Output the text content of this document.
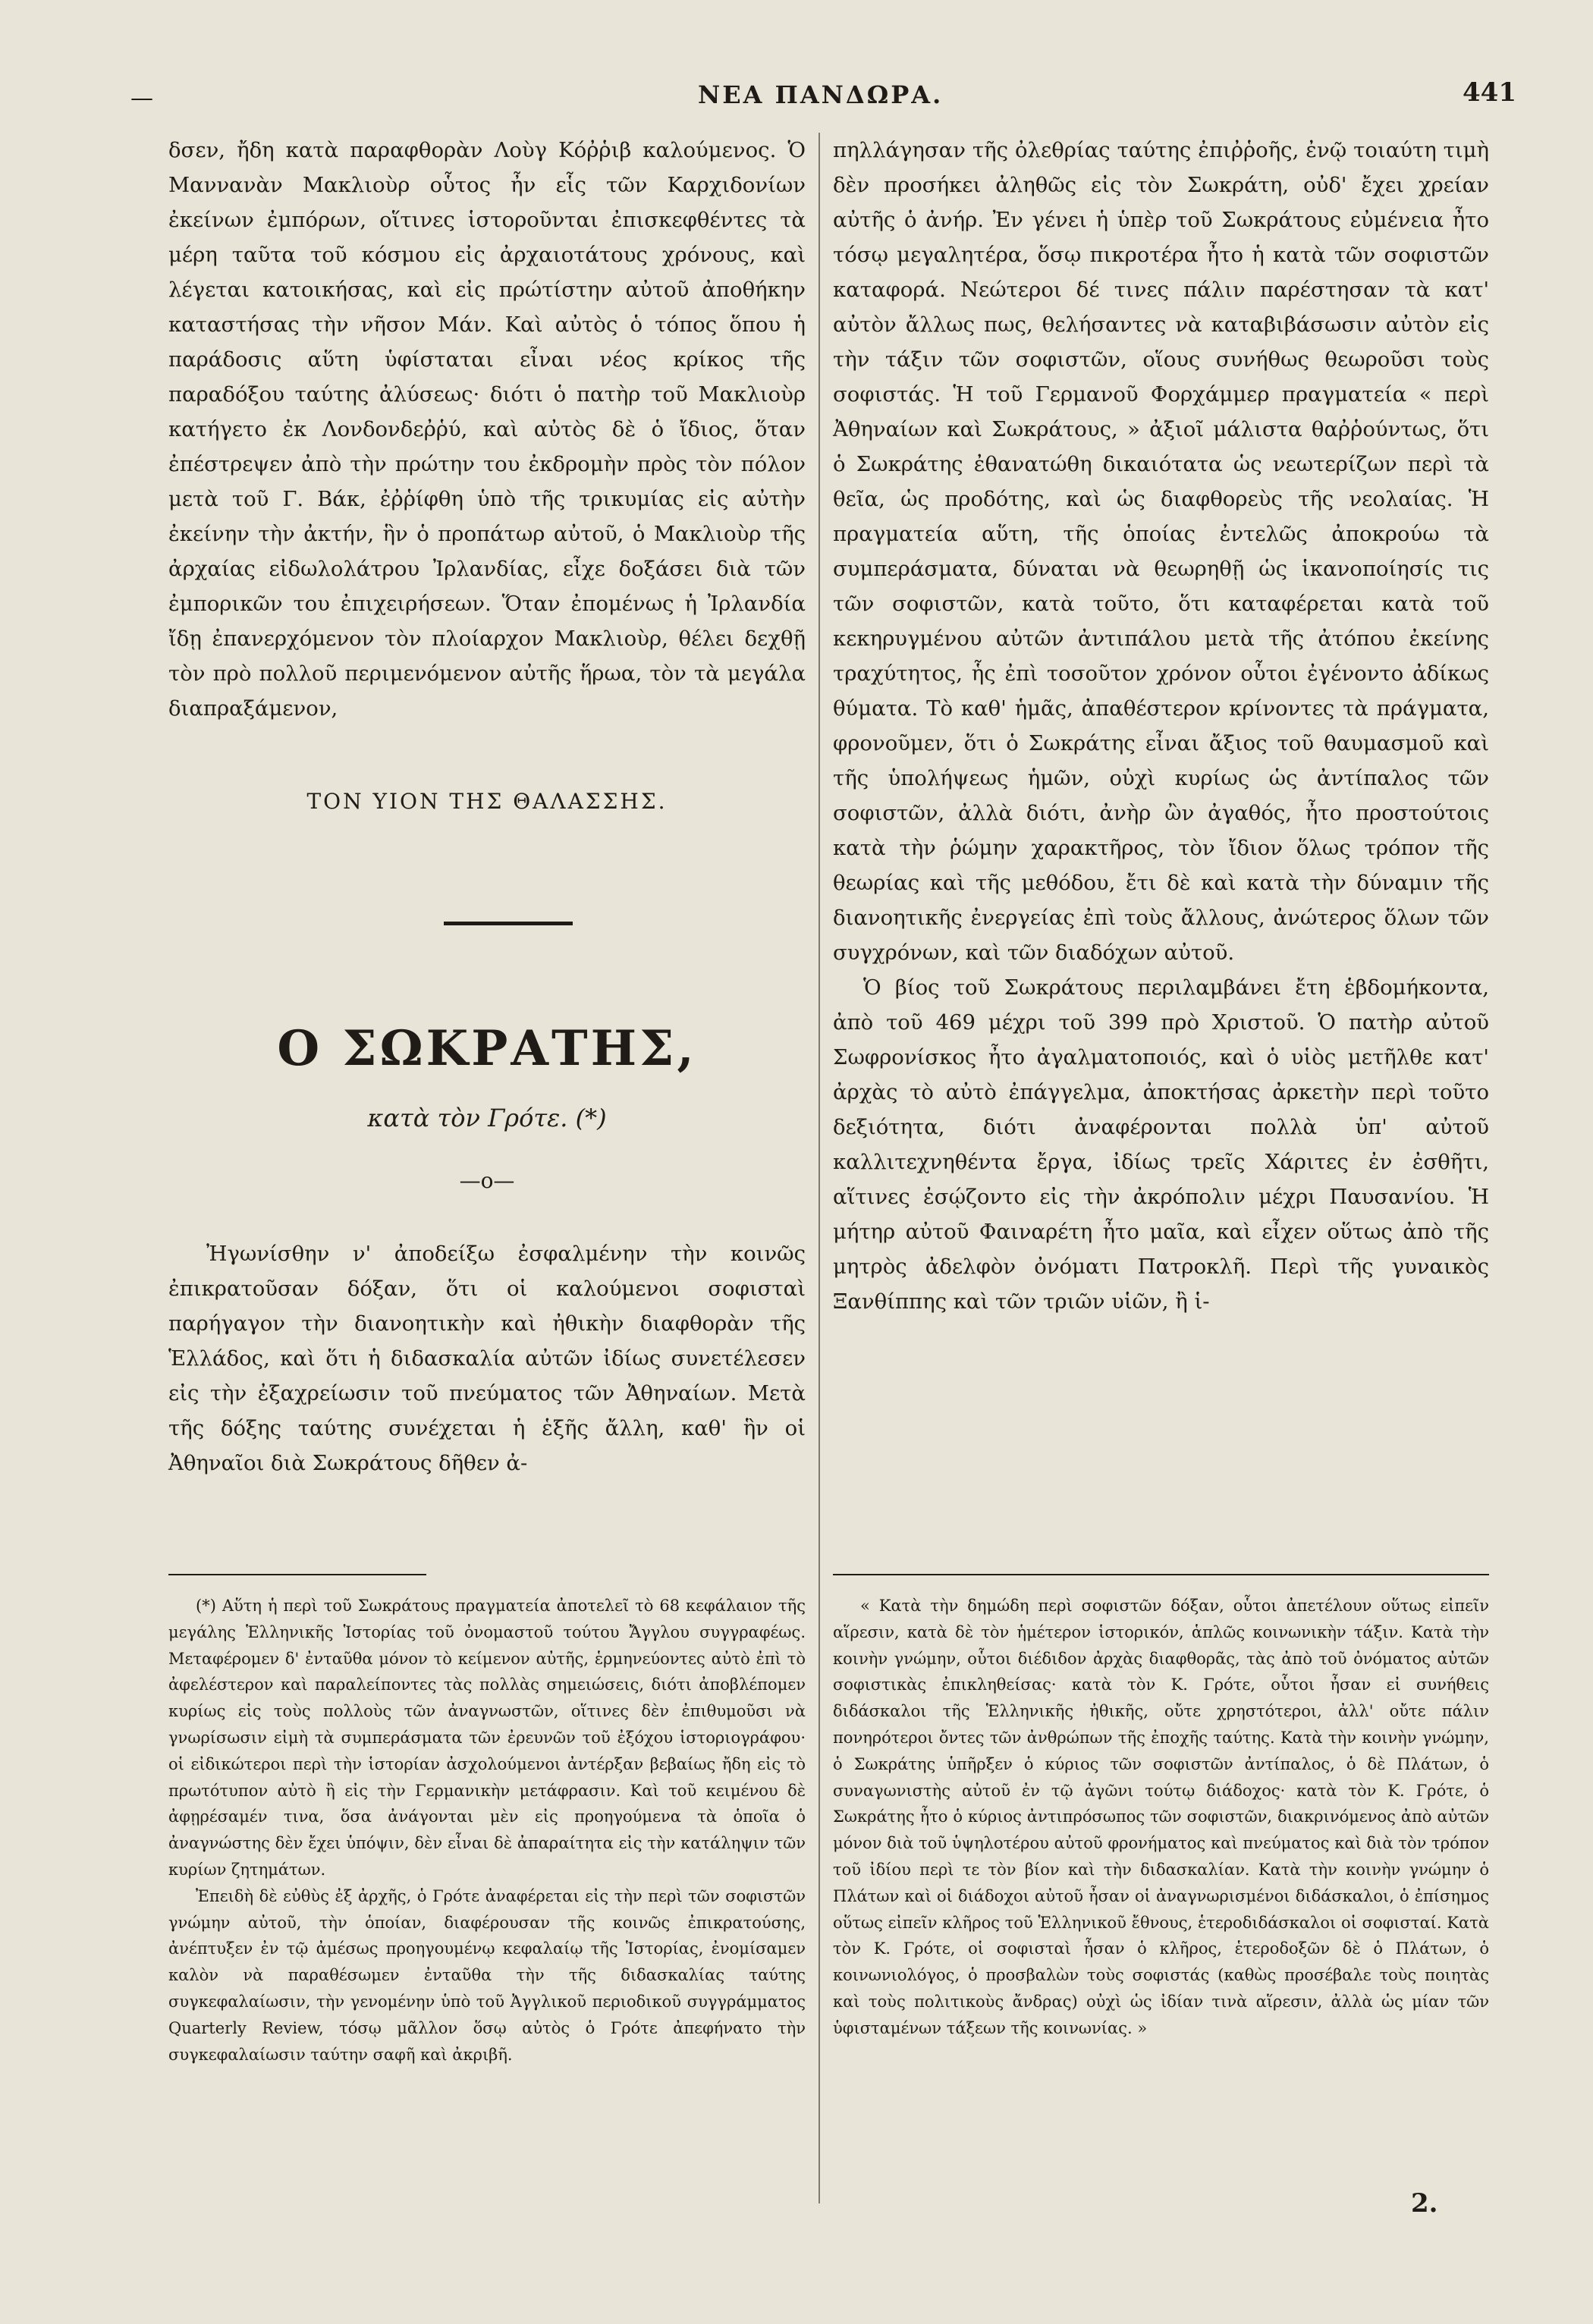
—	ΝΕΑ ΠΑΝΔΩΡΑ.	441

δσεν, ἤδη κατὰ παραφθορὰν Λοὺγ Κόῤῥιβ καλούμενος. Ὁ Μαννανὰν Μακλιοὺρ οὗτος ἦν εἷς τῶν Καρχιδονίων ἐκείνων ἐμπόρων, οἵτινες ἱστοροῦνται ἐπισκεφθέντες τὰ μέρη ταῦτα τοῦ κόσμου εἰς ἀρχαιοτάτους χρόνους, καὶ λέγεται κατοικήσας, καὶ εἰς πρώτίστην αὐτοῦ ἀποθήκην καταστήσας τὴν νῆσον Μάν. Καὶ αὐτὸς ὁ τόπος ὅπου ἡ παράδοσις αὕτη ὑφίσταται εἶναι νέος κρίκος τῆς παραδόξου ταύτης ἀλύσεως· διότι ὁ πατὴρ τοῦ Μακλιοὺρ κατήγετο ἐκ Λονδονδεῤῥύ, καὶ αὐτὸς δὲ ὁ ἴδιος, ὅταν ἐπέστρεψεν ἀπὸ τὴν πρώτην του ἐκδρομὴν πρὸς τὸν πόλον μετὰ τοῦ Γ. Βάκ, ἐῤῥίφθη ὑπὸ τῆς τρικυμίας εἰς αὐτὴν ἐκείνην τὴν ἀκτήν, ἣν ὁ προπάτωρ αὐτοῦ, ὁ Μακλιοὺρ τῆς ἀρχαίας εἰδωλολάτρου Ἰρλανδίας, εἶχε δοξάσει διὰ τῶν ἐμπορικῶν του ἐπιχειρήσεων. Ὅταν ἐπομένως ἡ Ἰρλανδία ἴδῃ ἐπανερχόμενον τὸν πλοίαρχον Μακλιοὺρ, θέλει δεχθῇ τὸν πρὸ πολλοῦ περιμενόμενον αὐτῆς ἥρωα, τὸν τὰ μεγάλα διαπραξάμενον,

ΤΟΝ ΥΙΟΝ ΤΗΣ ΘΑΛΑΣΣΗΣ.
Ο ΣΩΚΡΑΤΗΣ,
κατὰ τὸν Γρότε. (*)
—ο—

Ἠγωνίσθην ν' ἀποδείξω ἐσφαλμένην τὴν κοινῶς ἐπικρατοῦσαν δόξαν, ὅτι οἱ καλούμενοι σοφισταὶ παρήγαγον τὴν διανοητικὴν καὶ ἠθικὴν διαφθορὰν τῆς Ἑλλάδος, καὶ ὅτι ἡ διδασκαλία αὐτῶν ἰδίως συνετέλεσεν εἰς τὴν ἐξαχρείωσιν τοῦ πνεύματος τῶν Ἀθηναίων. Μετὰ τῆς δόξης ταύτης συνέχεται ἡ ἑξῆς ἄλλη, καθ' ἣν οἱ Ἀθηναῖοι διὰ Σωκράτους δῆθεν ἀ-

πηλλάγησαν τῆς ὀλεθρίας ταύτης ἐπιῤῥοῆς, ἐνῷ τοιαύτη τιμὴ δὲν προσήκει ἀληθῶς εἰς τὸν Σωκράτη, οὐδ' ἔχει χρείαν αὐτῆς ὁ ἀνήρ. Ἐν γένει ἡ ὑπὲρ τοῦ Σωκράτους εὐμένεια ἦτο τόσῳ μεγαλητέρα, ὅσῳ πικροτέρα ἦτο ἡ κατὰ τῶν σοφιστῶν καταφορά. Νεώτεροι δέ τινες πάλιν παρέστησαν τὰ κατ' αὐτὸν ἄλλως πως, θελήσαντες νὰ καταβιβάσωσιν αὐτὸν εἰς τὴν τάξιν τῶν σοφιστῶν, οἵους συνήθως θεωροῦσι τοὺς σοφιστάς. Ἡ τοῦ Γερμανοῦ Φορχάμμερ πραγματεία « περὶ Ἀθηναίων καὶ Σωκράτους, » ἀξιοῖ μάλιστα θαῤῥούντως, ὅτι ὁ Σωκράτης ἐθανατώθη δικαιότατα ὡς νεωτερίζων περὶ τὰ θεῖα, ὡς προδότης, καὶ ὡς διαφθορεὺς τῆς νεολαίας. Ἡ πραγματεία αὕτη, τῆς ὁποίας ἐντελῶς ἀποκρούω τὰ συμπεράσματα, δύναται νὰ θεωρηθῇ ὡς ἱκανοποίησίς τις τῶν σοφιστῶν, κατὰ τοῦτο, ὅτι καταφέρεται κατὰ τοῦ κεκηρυγμένου αὐτῶν ἀντιπάλου μετὰ τῆς ἀτόπου ἐκείνης τραχύτητος, ἧς ἐπὶ τοσοῦτον χρόνον οὗτοι ἐγένοντο ἀδίκως θύματα. Τὸ καθ' ἡμᾶς, ἀπαθέστερον κρίνοντες τὰ πράγματα, φρονοῦμεν, ὅτι ὁ Σωκράτης εἶναι ἄξιος τοῦ θαυμασμοῦ καὶ τῆς ὑπολήψεως ἡμῶν, οὐχὶ κυρίως ὡς ἀντίπαλος τῶν σοφιστῶν, ἀλλὰ διότι, ἀνὴρ ὢν ἀγαθός, ἦτο προστούτοις κατὰ τὴν ῥώμην χαρακτῆρος, τὸν ἴδιον ὅλως τρόπον τῆς θεωρίας καὶ τῆς μεθόδου, ἔτι δὲ καὶ κατὰ τὴν δύναμιν τῆς διανοητικῆς ἐνεργείας ἐπὶ τοὺς ἄλλους, ἀνώτερος ὅλων τῶν συγχρόνων, καὶ τῶν διαδόχων αὐτοῦ.

Ὁ βίος τοῦ Σωκράτους περιλαμβάνει ἔτη ἑβδομήκοντα, ἀπὸ τοῦ 469 μέχρι τοῦ 399 πρὸ Χριστοῦ. Ὁ πατὴρ αὐτοῦ Σωφρονίσκος ἦτο ἀγαλματοποιός, καὶ ὁ υἱὸς μετῆλθε κατ' ἀρχὰς τὸ αὐτὸ ἐπάγγελμα, ἀποκτήσας ἀρκετὴν περὶ τοῦτο δεξιότητα, διότι ἀναφέρονται πολλὰ ὑπ' αὐτοῦ καλλιτεχνηθέντα ἔργα, ἰδίως τρεῖς Χάριτες ἐν ἐσθῆτι, αἵτινες ἐσῴζοντο εἰς τὴν ἀκρόπολιν μέχρι Παυσανίου. Ἡ μήτηρ αὐτοῦ Φαιναρέτη ἦτο μαῖα, καὶ εἶχεν οὕτως ἀπὸ τῆς μητρὸς ἀδελφὸν ὀνόματι Πατροκλῆ. Περὶ τῆς γυναικὸς Ξανθίππης καὶ τῶν τριῶν υἱῶν, ἢ ἱ-

(*) Αὕτη ἡ περὶ τοῦ Σωκράτους πραγματεία ἀποτελεῖ τὸ 68 κεφάλαιον τῆς μεγάλης Ἑλληνικῆς Ἱστορίας τοῦ ὀνομαστοῦ τούτου Ἄγγλου συγγραφέως. Μεταφέρομεν δ' ἐνταῦθα μόνον τὸ κείμενον αὐτῆς, ἑρμηνεύοντες αὐτὸ ἐπὶ τὸ ἀφελέστερον καὶ παραλείποντες τὰς πολλὰς σημειώσεις, διότι ἀποβλέπομεν κυρίως εἰς τοὺς πολλοὺς τῶν ἀναγνωστῶν, οἵτινες δὲν ἐπιθυμοῦσι νὰ γνωρίσωσιν εἰμὴ τὰ συμπεράσματα τῶν ἐρευνῶν τοῦ ἐξόχου ἱστοριογράφου· οἱ εἰδικώτεροι περὶ τὴν ἱστορίαν ἀσχολούμενοι ἀντέρξαν βεβαίως ἤδη εἰς τὸ πρωτότυπον αὐτὸ ἢ εἰς τὴν Γερμανικὴν μετάφρασιν. Καὶ τοῦ κειμένου δὲ ἀφῃρέσαμέν τινα, ὅσα ἀνάγονται μὲν εἰς προηγούμενα τὰ ὁποῖα ὁ ἀναγνώστης δὲν ἔχει ὑπόψιν, δὲν εἶναι δὲ ἀπαραίτητα εἰς τὴν κατάληψιν τῶν κυρίων ζητημάτων.

Ἐπειδὴ δὲ εὐθὺς ἐξ ἀρχῆς, ὁ Γρότε ἀναφέρεται εἰς τὴν περὶ τῶν σοφιστῶν γνώμην αὐτοῦ, τὴν ὁποίαν, διαφέρουσαν τῆς κοινῶς ἐπικρατούσης, ἀνέπτυξεν ἐν τῷ ἀμέσως προηγουμένῳ κεφαλαίῳ τῆς Ἱστορίας, ἐνομίσαμεν καλὸν νὰ παραθέσωμεν ἐνταῦθα τὴν τῆς διδασκαλίας ταύτης συγκεφαλαίωσιν, τὴν γενομένην ὑπὸ τοῦ Ἀγγλικοῦ περιοδικοῦ συγγράμματος Quarterly Review, τόσῳ μᾶλλον ὅσῳ αὐτὸς ὁ Γρότε ἀπεφήνατο τὴν συγκεφαλαίωσιν ταύτην σαφῆ καὶ ἀκριβῆ.

« Κατὰ τὴν δημώδη περὶ σοφιστῶν δόξαν, οὗτοι ἀπετέλουν οὕτως εἰπεῖν αἵρεσιν, κατὰ δὲ τὸν ἡμέτερον ἱστορικόν, ἁπλῶς κοινωνικὴν τάξιν. Κατὰ τὴν κοινὴν γνώμην, οὗτοι διέδιδον ἀρχὰς διαφθορᾶς, τὰς ἀπὸ τοῦ ὀνόματος αὐτῶν σοφιστικὰς ἐπικληθείσας· κατὰ τὸν Κ. Γρότε, οὗτοι ἦσαν εἰ συνήθεις διδάσκαλοι τῆς Ἑλληνικῆς ἠθικῆς, οὔτε χρηστότεροι, ἀλλ' οὔτε πάλιν πονηρότεροι ὄντες τῶν ἀνθρώπων τῆς ἐποχῆς ταύτης. Κατὰ τὴν κοινὴν γνώμην, ὁ Σωκράτης ὑπῆρξεν ὁ κύριος τῶν σοφιστῶν ἀντίπαλος, ὁ δὲ Πλάτων, ὁ συναγωνιστὴς αὐτοῦ ἐν τῷ ἀγῶνι τούτῳ διάδοχος· κατὰ τὸν Κ. Γρότε, ὁ Σωκράτης ἦτο ὁ κύριος ἀντιπρόσωπος τῶν σοφιστῶν, διακρινόμενος ἀπὸ αὐτῶν μόνον διὰ τοῦ ὑψηλοτέρου αὐτοῦ φρονήματος καὶ πνεύματος καὶ διὰ τὸν τρόπον τοῦ ἰδίου περὶ τε τὸν βίον καὶ τὴν διδασκαλίαν. Κατὰ τὴν κοινὴν γνώμην ὁ Πλάτων καὶ οἱ διάδοχοι αὐτοῦ ἦσαν οἱ ἀναγνωρισμένοι διδάσκαλοι, ὁ ἐπίσημος οὕτως εἰπεῖν κλῆρος τοῦ Ἑλληνικοῦ ἔθνους, ἑτεροδιδάσκαλοι οἱ σοφισταί. Κατὰ τὸν Κ. Γρότε, οἱ σοφισταὶ ἦσαν ὁ κλῆρος, ἑτεροδοξῶν δὲ ὁ Πλάτων, ὁ κοινωνιολόγος, ὁ προσβαλὼν τοὺς σοφιστάς (καθὼς προσέβαλε τοὺς ποιητὰς καὶ τοὺς πολιτικοὺς ἄνδρας) οὐχὶ ὡς ἰδίαν τινὰ αἵρεσιν, ἀλλὰ ὡς μίαν τῶν ὑφισταμένων τάξεων τῆς κοινωνίας. »

2.
